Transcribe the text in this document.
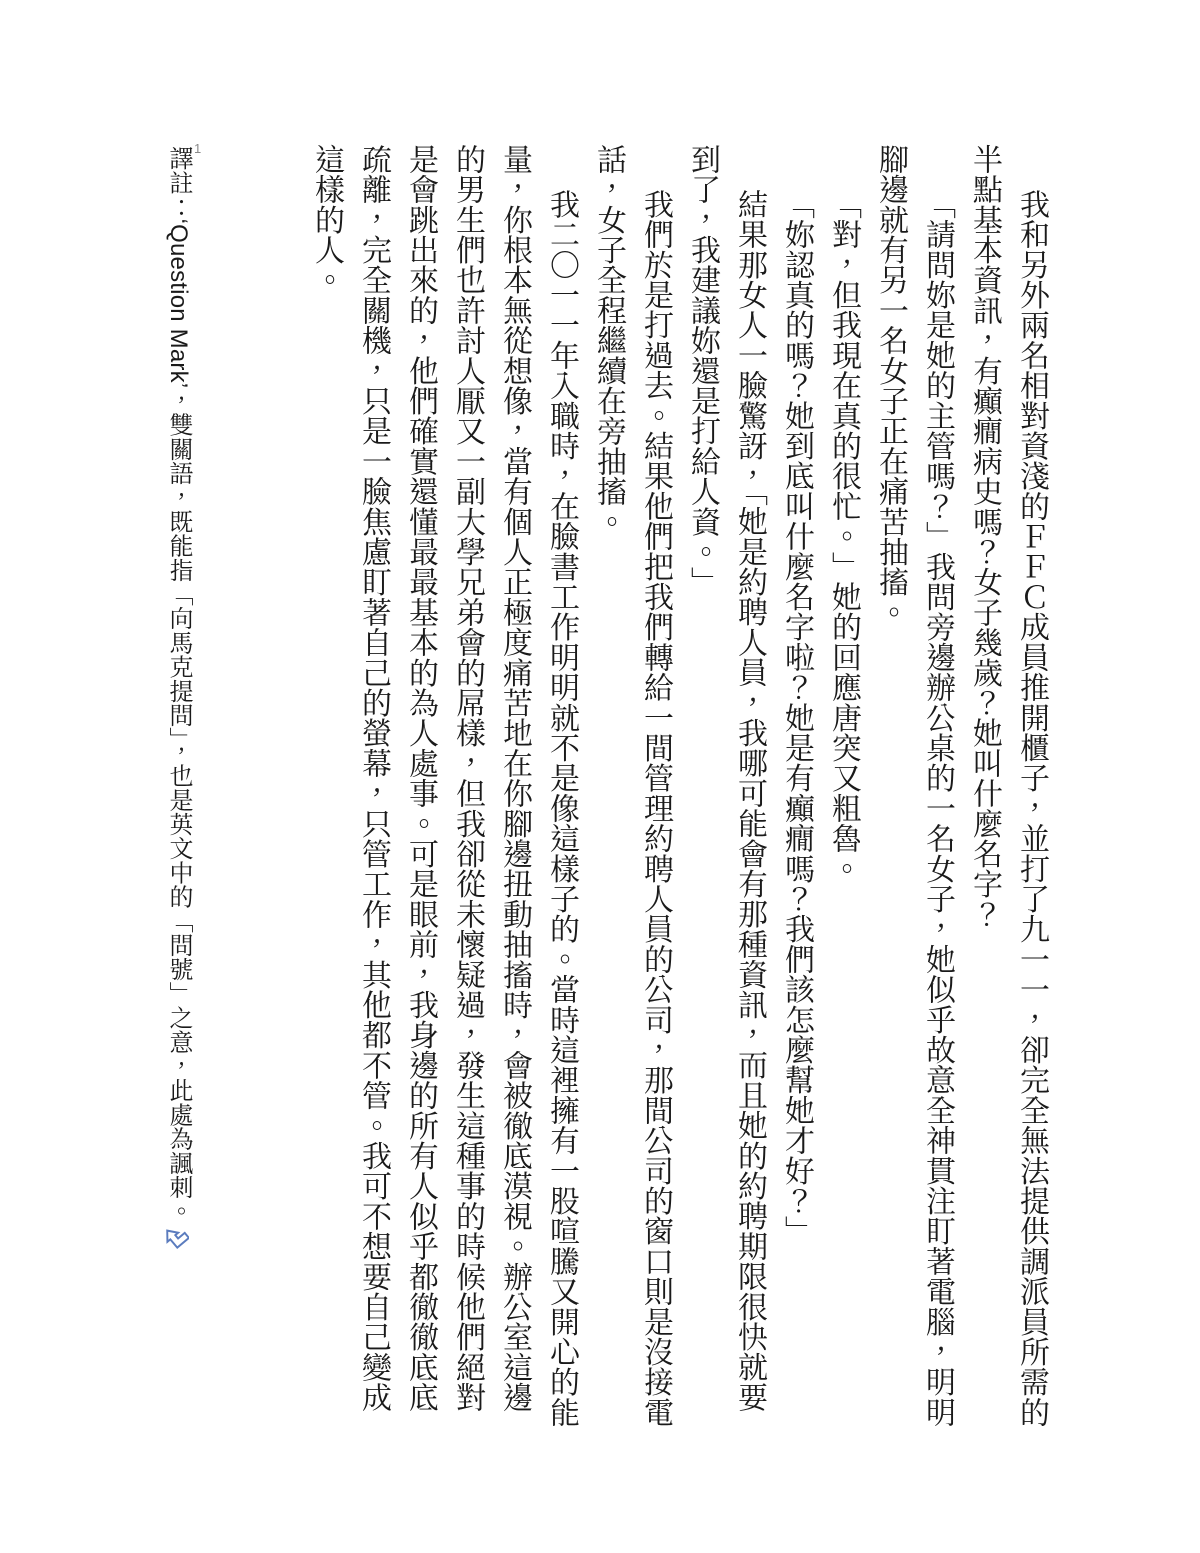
我和另外兩名相對資淺的ＦＦＣ成員推開櫃子，並打了九一一，卻完全無法提供調派員所需的半點基本資訊，有癲癇病史嗎？女子幾歲？她叫什麼名字？

「請問妳是她的主管嗎？」我問旁邊辦公桌的一名女子，她似乎故意全神貫注盯著電腦，明明腳邊就有另一名女子正在痛苦抽搐。

「對，但我現在真的很忙。」她的回應唐突又粗魯。

「妳認真的嗎？她到底叫什麼名字啦？她是有癲癇嗎？我們該怎麼幫她才好？」

結果那女人一臉驚訝，「她是約聘人員，我哪可能會有那種資訊，而且她的約聘期限很快就要到了，我建議妳還是打給人資。」

我們於是打過去。結果他們把我們轉給一間管理約聘人員的公司，那間公司的窗口則是沒接電話，女子全程繼續在旁抽搐。

我二〇一一年入職時，在臉書工作明明就不是像這樣子的。當時這裡擁有一股喧騰又開心的能量，你根本無從想像，當有個人正極度痛苦地在你腳邊扭動抽搐時，會被徹底漠視。辦公室這邊的男生們也許討人厭又一副大學兄弟會的屌樣，但我卻從未懷疑過，發生這種事的時候他們絕對是會跳出來的，他們確實還懂最最基本的為人處事。可是眼前，我身邊的所有人似乎都徹徹底底疏離，完全關機，只是一臉焦慮盯著自己的螢幕，只管工作，其他都不管。我可不想要自己變成這樣的人。

1
譯註：‘Question Mark’，雙關語，既能指「向馬克提問」，也是英文中的「問號」之意，此處為諷刺。
